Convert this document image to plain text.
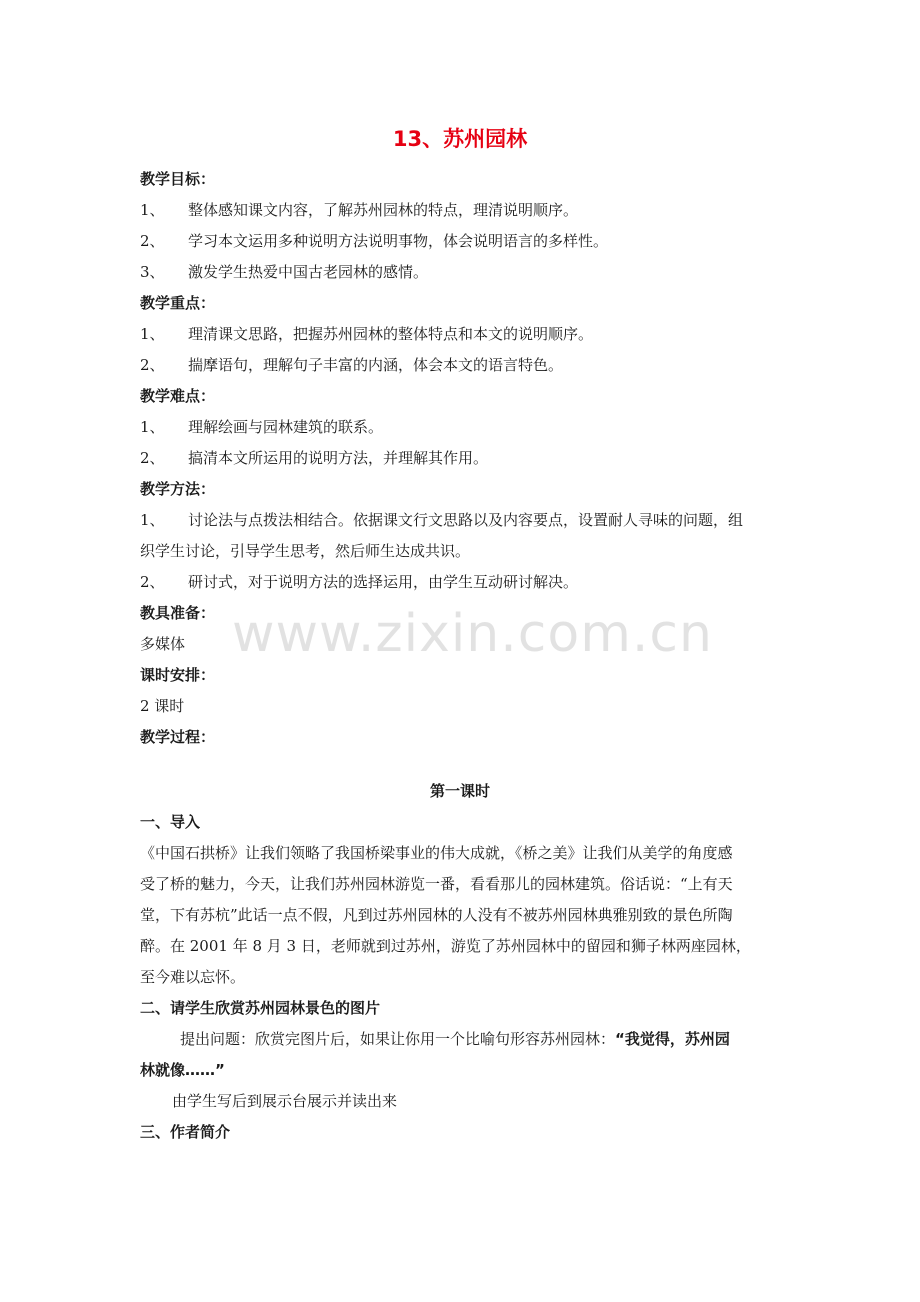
13、苏州园林
教学目标：
1、 整体感知课文内容，了解苏州园林的特点，理清说明顺序。
2、 学习本文运用多种说明方法说明事物，体会说明语言的多样性。
3、 激发学生热爱中国古老园林的感情。
教学重点：
1、 理清课文思路，把握苏州园林的整体特点和本文的说明顺序。
2、 揣摩语句，理解句子丰富的内涵，体会本文的语言特色。
教学难点：
1、 理解绘画与园林建筑的联系。
2、 搞清本文所运用的说明方法，并理解其作用。
教学方法：
1、 讨论法与点拨法相结合。依据课文行文思路以及内容要点，设置耐人寻味的问题，组
织学生讨论，引导学生思考，然后师生达成共识。
2、 研讨式，对于说明方法的选择运用，由学生互动研讨解决。
教具准备：
多媒体
课时安排：
2 课时
教学过程：
第一课时
一、导入
《中国石拱桥》让我们领略了我国桥梁事业的伟大成就，《桥之美》让我们从美学的角度感
受了桥的魅力，今天，让我们苏州园林游览一番，看看那儿的园林建筑。俗话说：“上有天
堂，下有苏杭”此话一点不假，凡到过苏州园林的人没有不被苏州园林典雅别致的景色所陶
醉。在 2001 年 8 月 3 日，老师就到过苏州，游览了苏州园林中的留园和狮子林两座园林，
至今难以忘怀。
二、请学生欣赏苏州园林景色的图片
提出问题：欣赏完图片后，如果让你用一个比喻句形容苏州园林：“我觉得，苏州园
林就像……”
由学生写后到展示台展示并读出来
三、作者简介
www.zixin.com.cn
